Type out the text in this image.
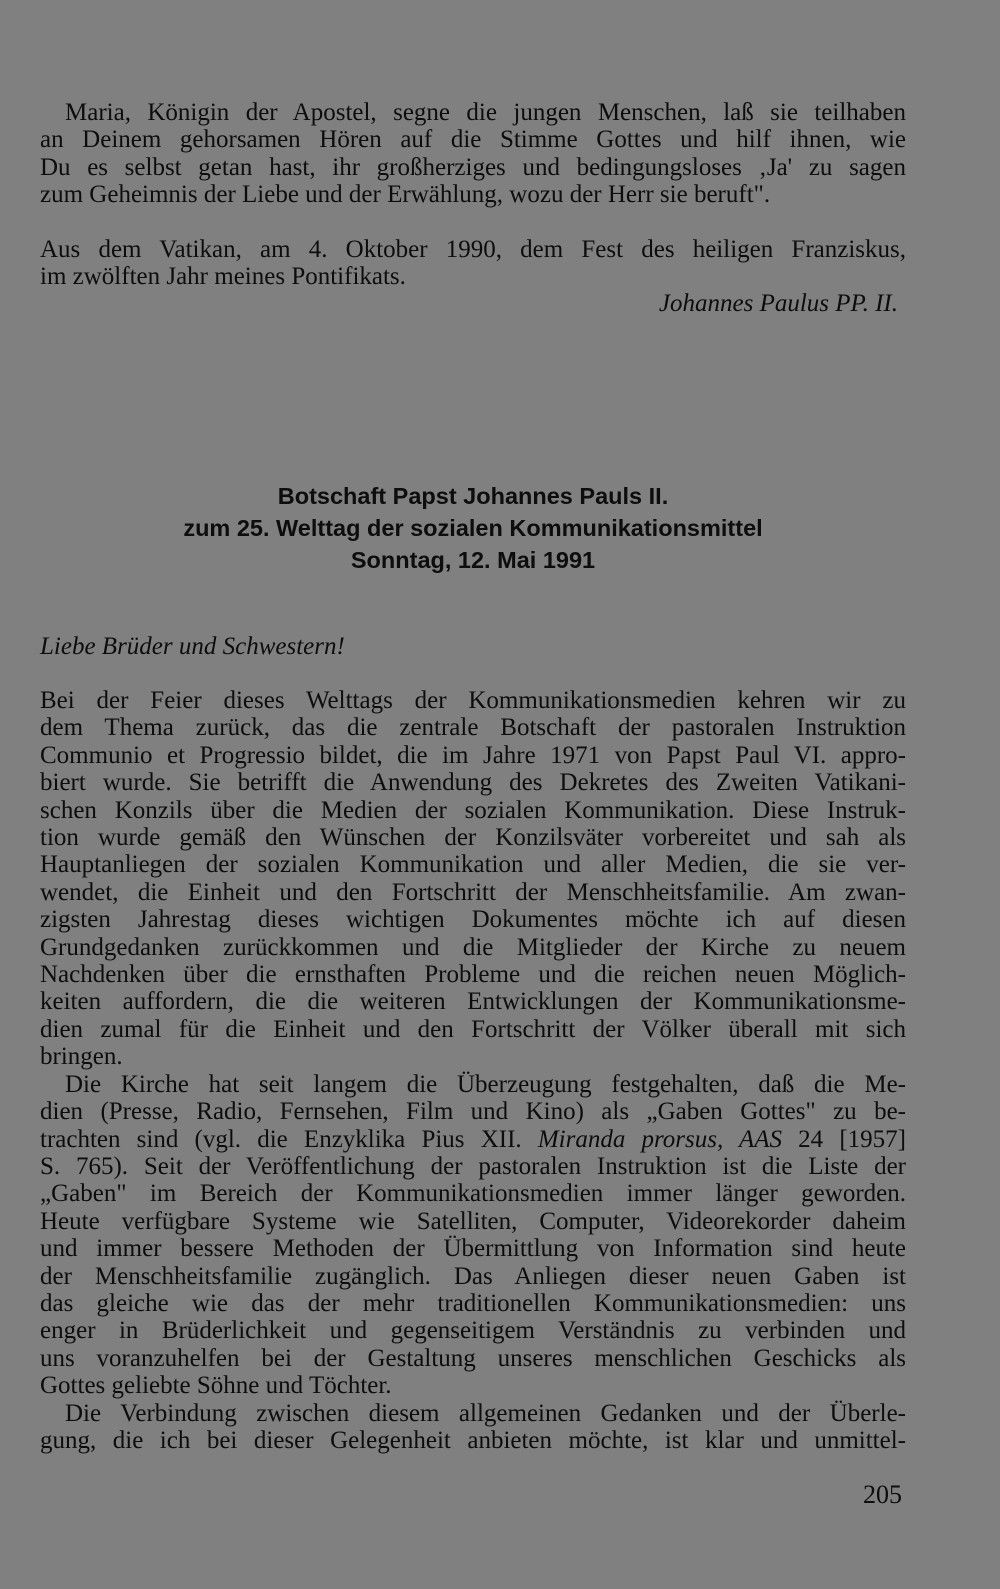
Maria, Königin der Apostel, segne die jungen Menschen, laß sie teilhaben
an Deinem gehorsamen Hören auf die Stimme Gottes und hilf ihnen, wie
Du es selbst getan hast, ihr großherziges und bedingungsloses ‚Ja' zu sagen
zum Geheimnis der Liebe und der Erwählung, wozu der Herr sie beruft".
Aus dem Vatikan, am 4. Oktober 1990, dem Fest des heiligen Franziskus,
im zwölften Jahr meines Pontifikats.

Johannes Paulus PP. II.

Botschaft Papst Johannes Pauls II.
zum 25. Welttag der sozialen Kommunikationsmittel
Sonntag, 12. Mai 1991

Liebe Brüder und Schwestern!

Bei der Feier dieses Welttags der Kommunikationsmedien kehren wir zu
dem Thema zurück, das die zentrale Botschaft der pastoralen Instruktion
Communio et Progressio bildet, die im Jahre 1971 von Papst Paul VI. appro-
biert wurde. Sie betrifft die Anwendung des Dekretes des Zweiten Vatikani-
schen Konzils über die Medien der sozialen Kommunikation. Diese Instruk-
tion wurde gemäß den Wünschen der Konzilsväter vorbereitet und sah als
Hauptanliegen der sozialen Kommunikation und aller Medien, die sie ver-
wendet, die Einheit und den Fortschritt der Menschheitsfamilie. Am zwan-
zigsten Jahrestag dieses wichtigen Dokumentes möchte ich auf diesen
Grundgedanken zurückkommen und die Mitglieder der Kirche zu neuem
Nachdenken über die ernsthaften Probleme und die reichen neuen Möglich-
keiten auffordern, die die weiteren Entwicklungen der Kommunikationsme-
dien zumal für die Einheit und den Fortschritt der Völker überall mit sich
bringen.
Die Kirche hat seit langem die Überzeugung festgehalten, daß die Me-
dien (Presse, Radio, Fernsehen, Film und Kino) als „Gaben Gottes" zu be-
trachten sind (vgl. die Enzyklika Pius XII. Miranda prorsus, AAS 24 [1957]
S. 765). Seit der Veröffentlichung der pastoralen Instruktion ist die Liste der
„Gaben" im Bereich der Kommunikationsmedien immer länger geworden.
Heute verfügbare Systeme wie Satelliten, Computer, Videorekorder daheim
und immer bessere Methoden der Übermittlung von Information sind heute
der Menschheitsfamilie zugänglich. Das Anliegen dieser neuen Gaben ist
das gleiche wie das der mehr traditionellen Kommunikationsmedien: uns
enger in Brüderlichkeit und gegenseitigem Verständnis zu verbinden und
uns voranzuhelfen bei der Gestaltung unseres menschlichen Geschicks als
Gottes geliebte Söhne und Töchter.
Die Verbindung zwischen diesem allgemeinen Gedanken und der Überle-
gung, die ich bei dieser Gelegenheit anbieten möchte, ist klar und unmittel-

205
